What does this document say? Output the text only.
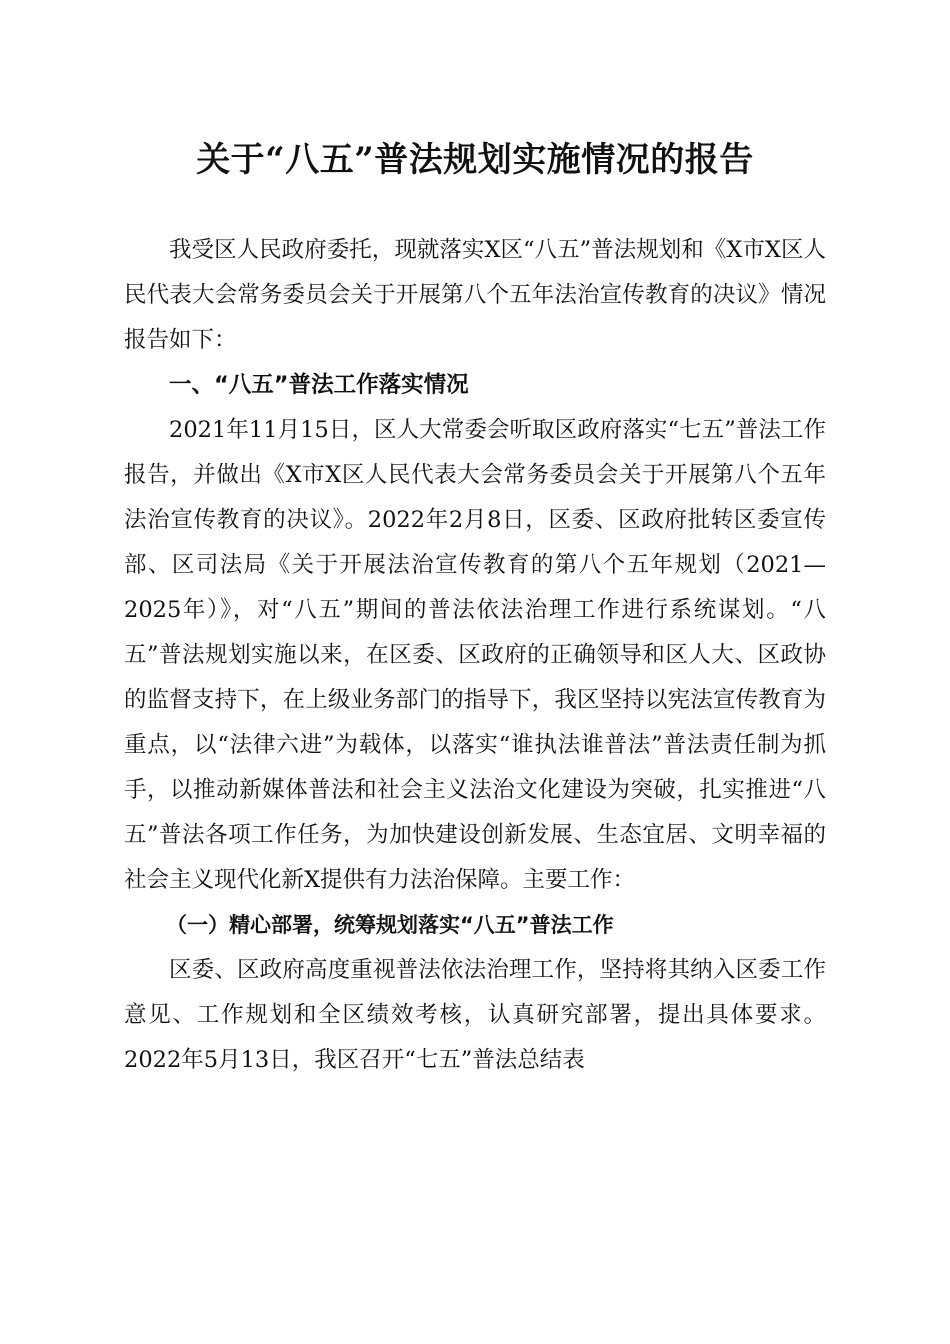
关于“八五”普法规划实施情况的报告

我受区人民政府委托，现就落实X区“八五”普法规划和《X市X区人民代表大会常务委员会关于开展第八个五年法治宣传教育的决议》情况报告如下：

一、“八五”普法工作落实情况

2021年11月15日，区人大常委会听取区政府落实“七五”普法工作报告，并做出《X市X区人民代表大会常务委员会关于开展第八个五年法治宣传教育的决议》。2022年2月8日，区委、区政府批转区委宣传部、区司法局《关于开展法治宣传教育的第八个五年规划（2021—2025年）》，对“八五”期间的普法依法治理工作进行系统谋划。“八五”普法规划实施以来，在区委、区政府的正确领导和区人大、区政协的监督支持下，在上级业务部门的指导下，我区坚持以宪法宣传教育为重点，以“法律六进”为载体，以落实“谁执法谁普法”普法责任制为抓手，以推动新媒体普法和社会主义法治文化建设为突破，扎实推进“八五”普法各项工作任务，为加快建设创新发展、生态宜居、文明幸福的社会主义现代化新X提供有力法治保障。主要工作：

（一）精心部署，统筹规划落实“八五”普法工作

区委、区政府高度重视普法依法治理工作，坚持将其纳入区委工作意见、工作规划和全区绩效考核，认真研究部署，提出具体要求。2022年5月13日，我区召开“七五”普法总结表
